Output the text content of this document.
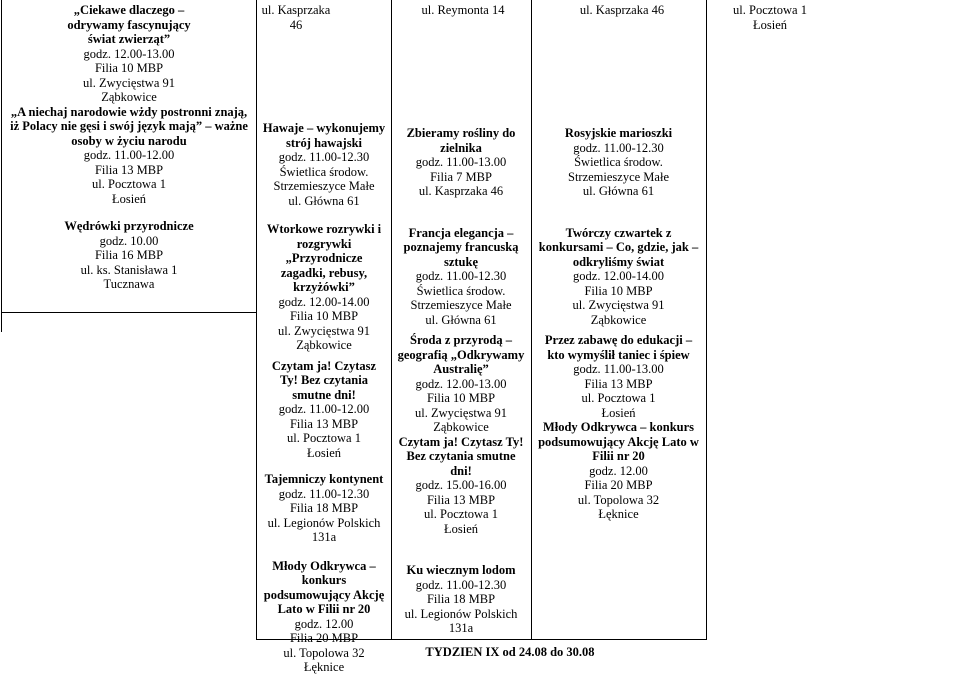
ul. Kasprzaka 46
ul. Reymonta 14	ul. Kasprzaka 46	ul. Pocztowa 1
Łosień
„Ciekawe dlaczego – odrywamy fascynujący świat zwierząt”
godz. 12.00-13.00
Filia 10 MBP
ul. Zwycięstwa 91
Ząbkowice
„A niechaj narodowie wżdy postronni znają, iż Polacy nie gęsi i swój język mają” – ważne osoby w życiu narodu
godz. 11.00-12.00
Filia 13 MBP
ul. Pocztowa 1
Łosień
Wędrówki przyrodnicze
godz. 10.00
Filia 16 MBP
ul. ks. Stanisława 1
Tucznawa
Hawaje – wykonujemy strój hawajski
godz. 11.00-12.30
Świetlica środow.
Strzemieszyce Małe
ul. Główna 61
Wtorkowe rozrywki i rozgrywki „Przyrodnicze zagadki, rebusy, krzyżówki”
godz. 12.00-14.00
Filia 10 MBP
ul. Zwycięstwa 91
Ząbkowice
Czytam ja! Czytasz Ty! Bez czytania smutne dni!
godz. 11.00-12.00
Filia 13 MBP
ul. Pocztowa 1
Łosień
Tajemniczy kontynent
godz. 11.00-12.30
Filia 18 MBP
ul. Legionów Polskich 131a
Młody Odkrywca – konkurs podsumowujący Akcję Lato w Filii nr 20
godz. 12.00
Filia 20 MBP
ul. Topolowa 32
Łęknice
Zbieramy rośliny do zielnika
godz. 11.00-13.00
Filia 7 MBP
ul. Kasprzaka 46
Francja elegancja – poznajemy francuską sztukę
godz. 11.00-12.30
Świetlica środow.
Strzemieszyce Małe
ul. Główna 61
Środa z przyrodą – geografią „Odkrywamy Australię”
godz. 12.00-13.00
Filia 10 MBP
ul. Zwycięstwa 91
Ząbkowice
Czytam ja! Czytasz Ty! Bez czytania smutne dni!
godz. 15.00-16.00
Filia 13 MBP
ul. Pocztowa 1
Łosień
Ku wiecznym lodom
godz. 11.00-12.30
Filia 18 MBP
ul. Legionów Polskich 131a
Rosyjskie marioszki
godz. 11.00-12.30
Świetlica środow.
Strzemieszyce Małe
ul. Główna 61
Twórczy czwartek z konkursami – Co, gdzie, jak – odkryliśmy świat
godz. 12.00-14.00
Filia 10 MBP
ul. Zwycięstwa 91
Ząbkowice
Przez zabawę do edukacji – kto wymyślił taniec i śpiew
godz. 11.00-13.00
Filia 13 MBP
ul. Pocztowa 1
Łosień
Młody Odkrywca – konkurs podsumowujący Akcję Lato w Filii nr 20
godz. 12.00
Filia 20 MBP
ul. Topolowa 32
Łęknice
TYDZIEN IX od 24.08 do 30.08
